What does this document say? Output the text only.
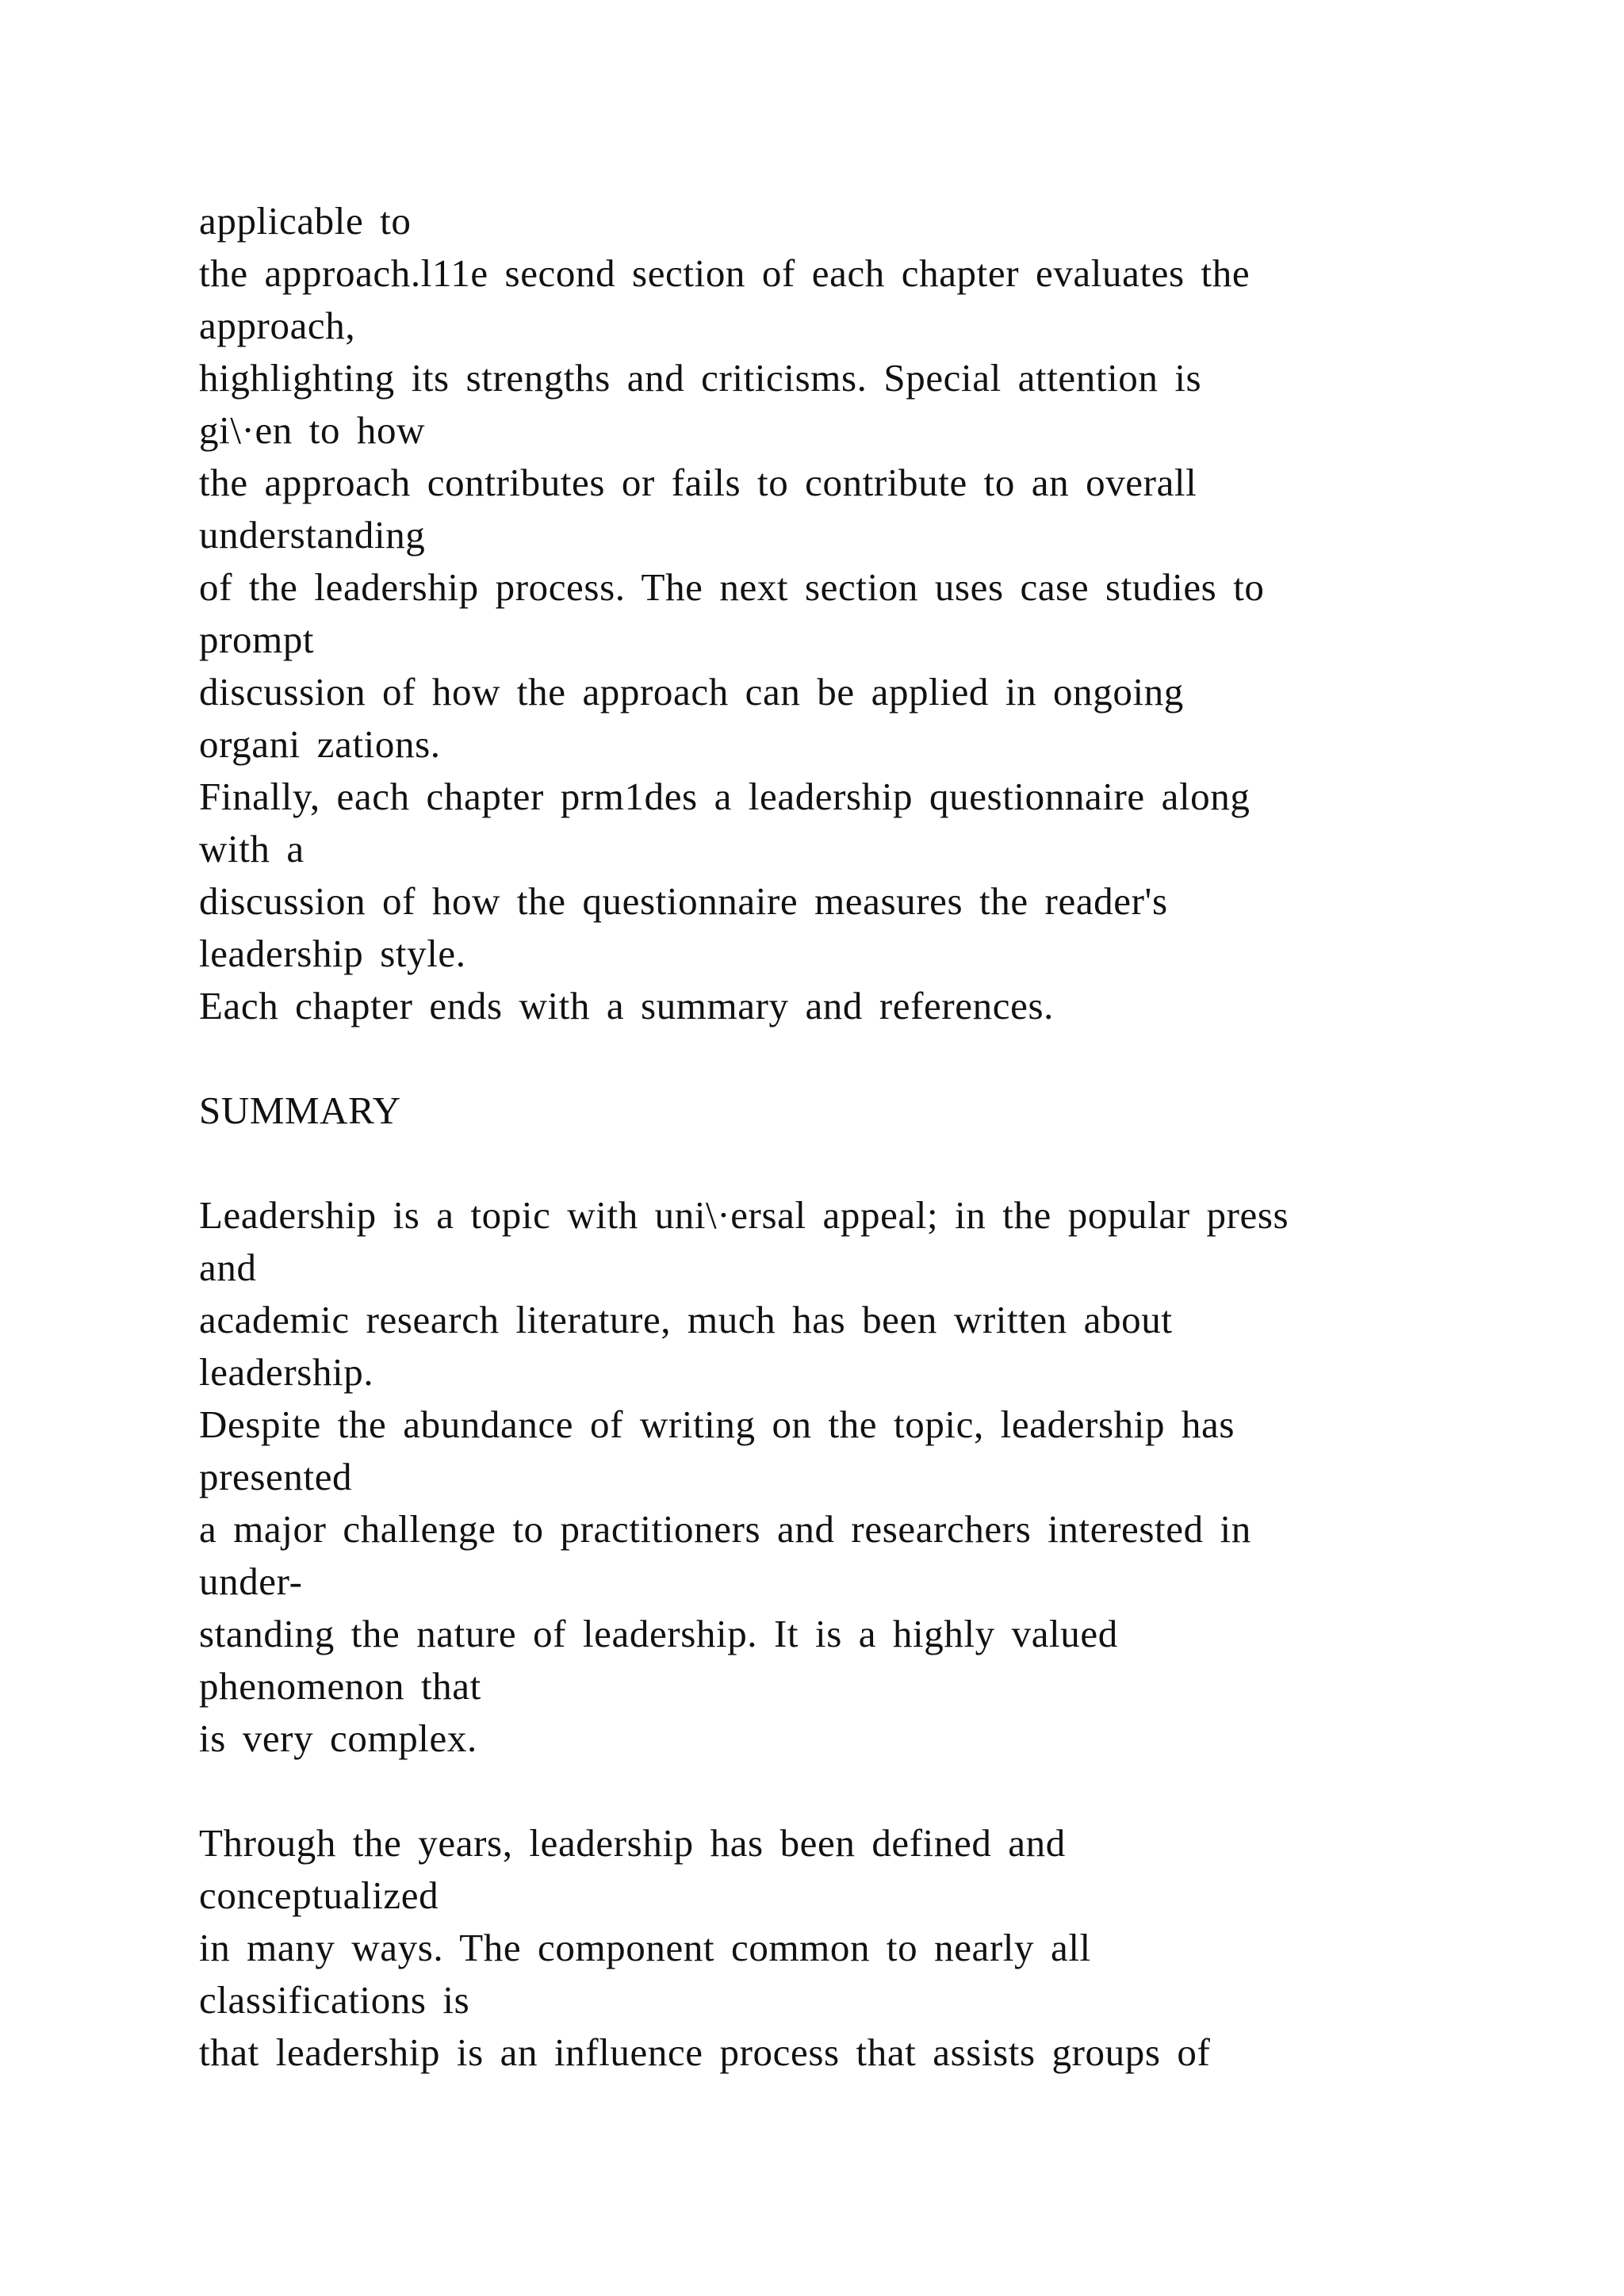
applicable to
the approach.l11e second section of each chapter evaluates the
approach,
highlighting its strengths and criticisms. Special attention is
gi\·en to how
the approach contributes or fails to contribute to an overall
understanding
of the leadership process. The next section uses case studies to
prompt
discussion of how the approach can be applied in ongoing
organi zations.
Finally, each chapter prm1des a leadership questionnaire along
with a
discussion of how the questionnaire measures the reader's
leadership style.
Each chapter ends with a summary and references.
SUMMARY
Leadership is a topic with uni\·ersal appeal; in the popular press
and
academic research literature, much has been written about
leadership.
Despite the abundance of writing on the topic, leadership has
presented
a major challenge to practitioners and researchers interested in
under-
standing the nature of leadership. It is a highly valued
phenomenon that
is very complex.
Through the years, leadership has been defined and
conceptualized
in many ways. The component common to nearly all
classifications is
that leadership is an influence process that assists groups of
